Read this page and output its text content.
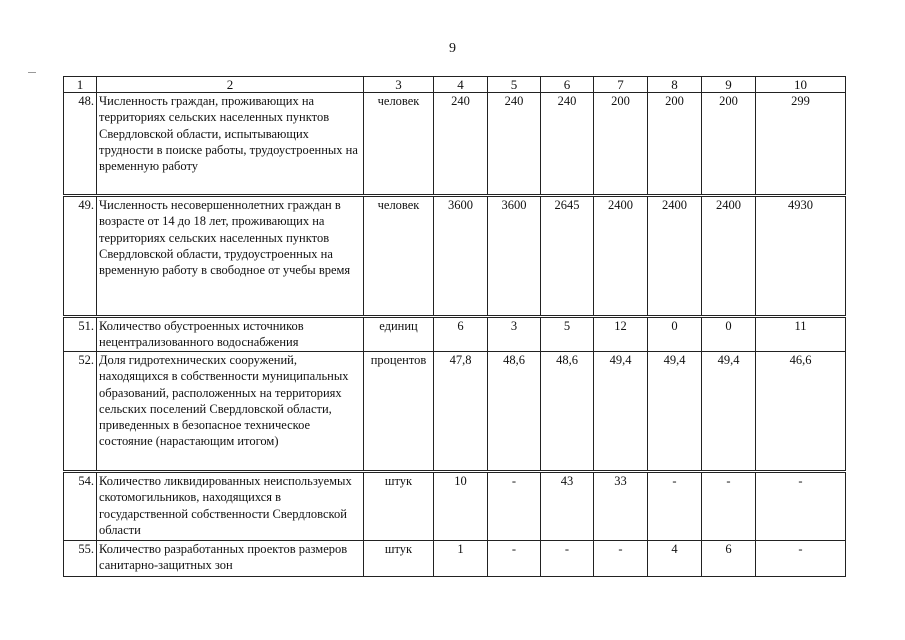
9
1	2	3	4	5	6	7	8	9	10
48.	Численность граждан, проживающих на территориях сельских населенных пунктов Свердловской области, испытывающих трудности в поиске работы, трудоустроенных на временную работу	человек	240	240	240	200	200	200	299
49.	Численность несовершеннолетних граждан в возрасте от 14 до 18 лет, проживающих на территориях сельских населенных пунктов Свердловской области, трудоустроенных на временную работу в свободное от учебы время	человек	3600	3600	2645	2400	2400	2400	4930
51.	Количество обустроенных источников нецентрализованного водоснабжения	единиц	6	3	5	12	0	0	11
52.	Доля гидротехнических сооружений, находящихся в собственности муниципальных образований, расположенных на территориях сельских поселений Свердловской области, приведенных в безопасное техническое состояние (нарастающим итогом)	процентов	47,8	48,6	48,6	49,4	49,4	49,4	46,6
54.	Количество ликвидированных неиспользуемых скотомогильников, находящихся в государственной собственности Свердловской области	штук	10	-	43	33	-	-	-
55.	Количество разработанных проектов размеров санитарно-защитных зон	штук	1	-	-	-	4	6	-
